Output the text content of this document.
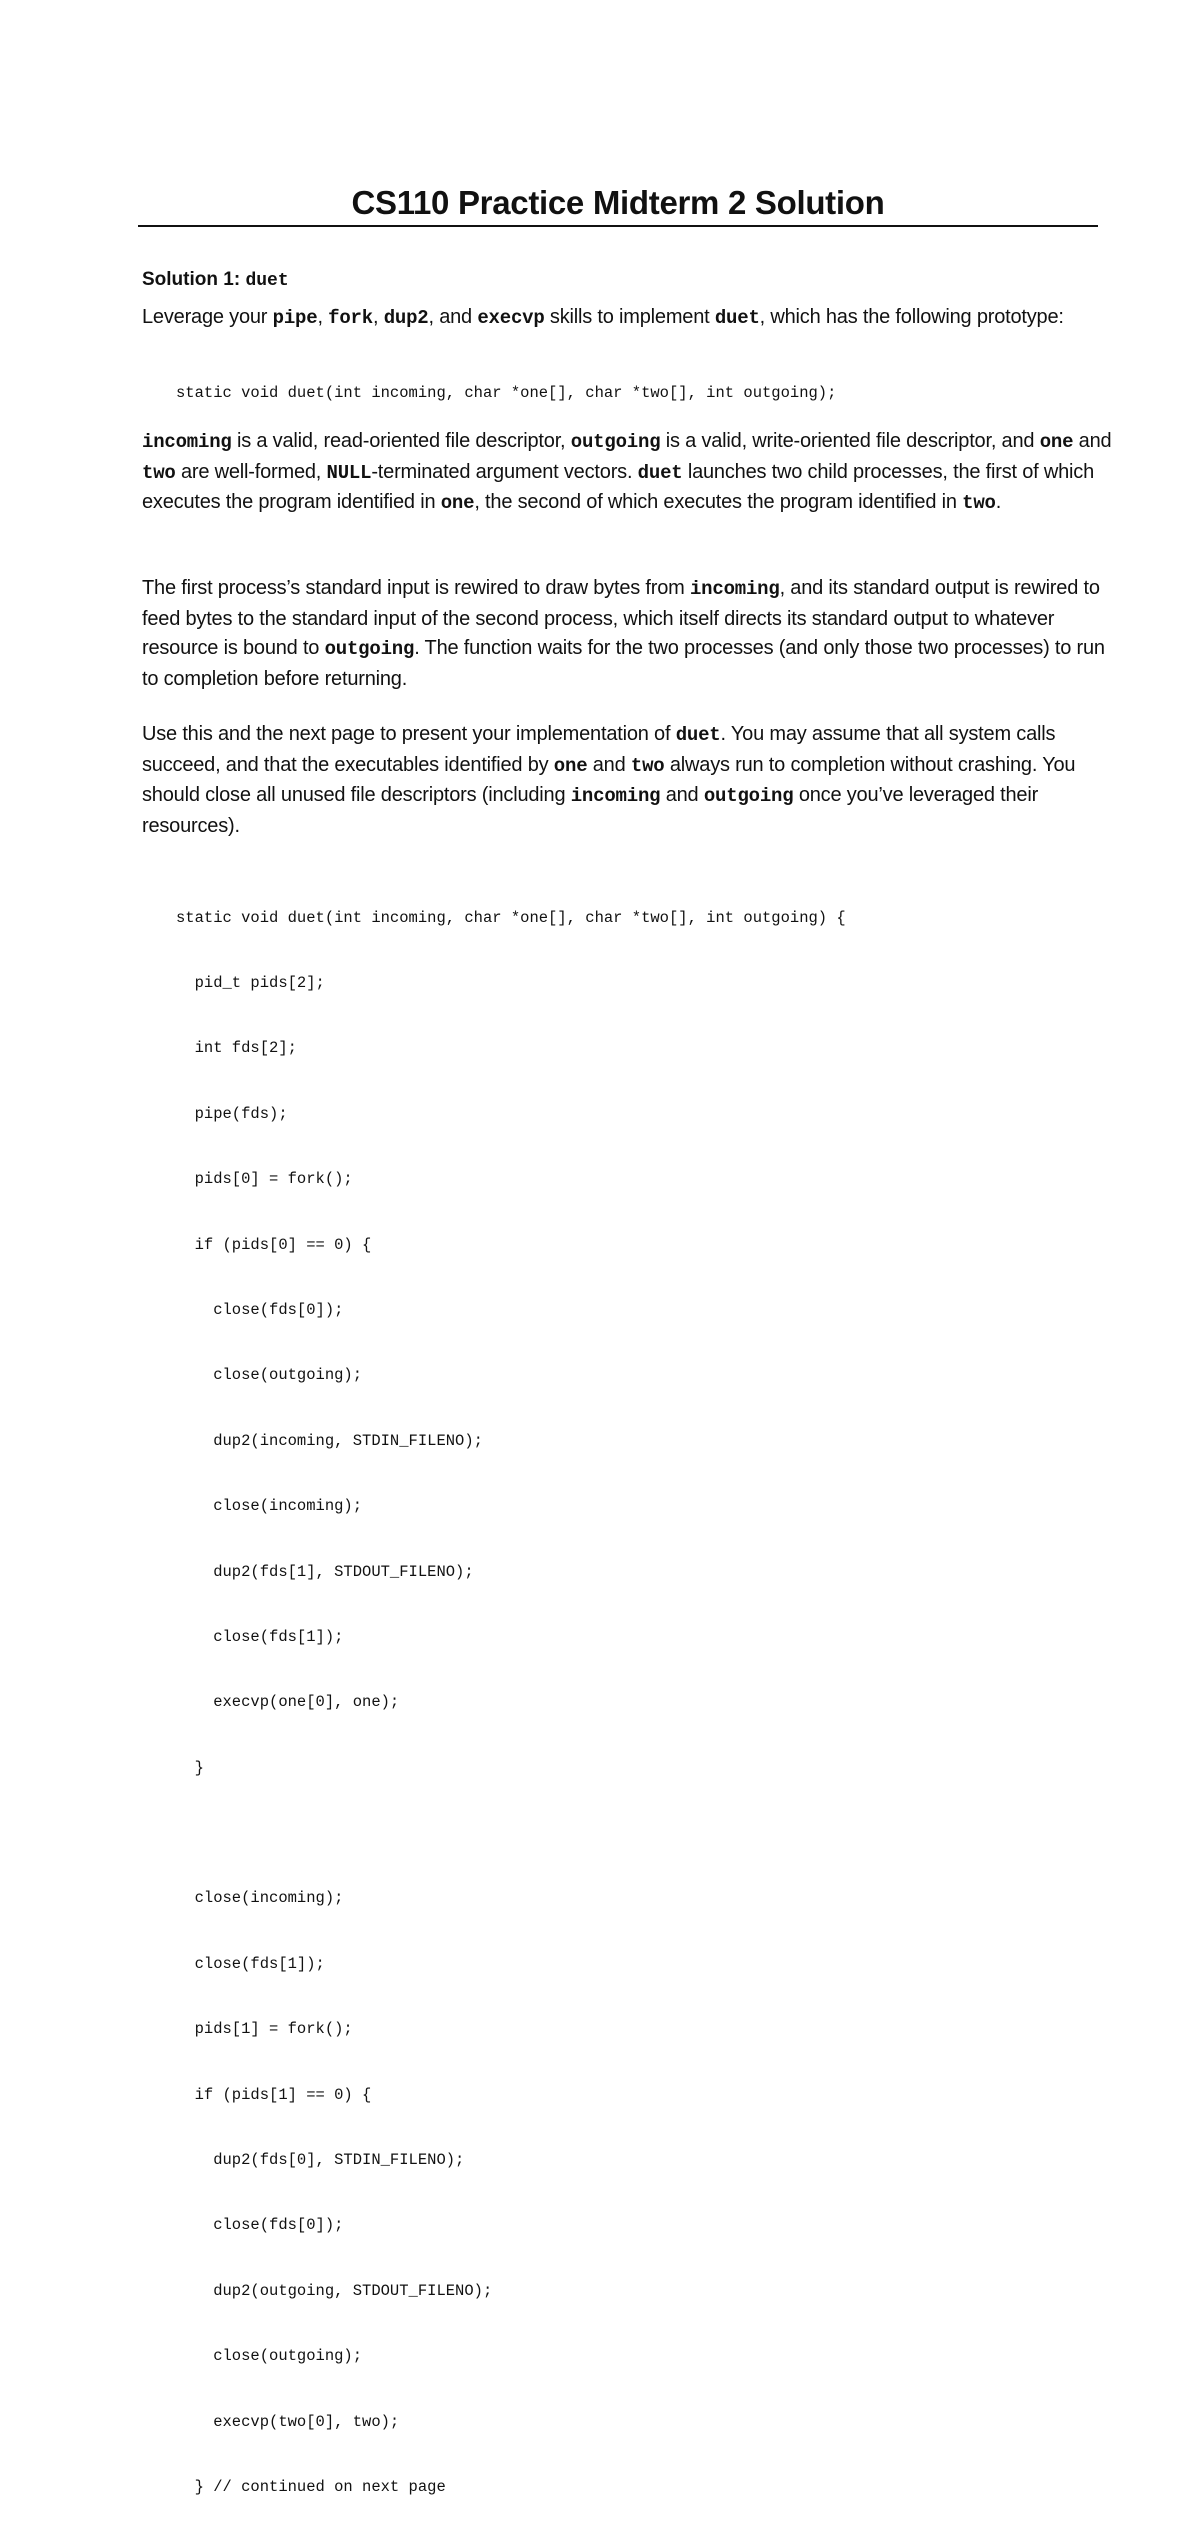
CS110 Practice Midterm 2 Solution
Solution 1: duet
Leverage your pipe, fork, dup2, and execvp skills to implement duet, which has the following prototype:
static void duet(int incoming, char *one[], char *two[], int outgoing);
incoming is a valid, read-oriented file descriptor, outgoing is a valid, write-oriented file descriptor, and one and two are well-formed, NULL-terminated argument vectors. duet launches two child processes, the first of which executes the program identified in one, the second of which executes the program identified in two.
The first process’s standard input is rewired to draw bytes from incoming, and its standard output is rewired to feed bytes to the standard input of the second process, which itself directs its standard output to whatever resource is bound to outgoing. The function waits for the two processes (and only those two processes) to run to completion before returning.
Use this and the next page to present your implementation of duet. You may assume that all system calls succeed, and that the executables identified by one and two always run to completion without crashing. You should close all unused file descriptors (including incoming and outgoing once you’ve leveraged their resources).

static void duet(int incoming, char *one[], char *two[], int outgoing) {

pid_t pids[2];

int fds[2];

pipe(fds);

pids[0] = fork();

if (pids[0] == 0) {

close(fds[0]);

close(outgoing);

dup2(incoming, STDIN_FILENO);

close(incoming);

dup2(fds[1], STDOUT_FILENO);

close(fds[1]);

execvp(one[0], one);

}

close(incoming);

close(fds[1]);

pids[1] = fork();

if (pids[1] == 0) {

dup2(fds[0], STDIN_FILENO);

close(fds[0]);

dup2(outgoing, STDOUT_FILENO);

close(outgoing);

execvp(two[0], two);

} // continued on next page
